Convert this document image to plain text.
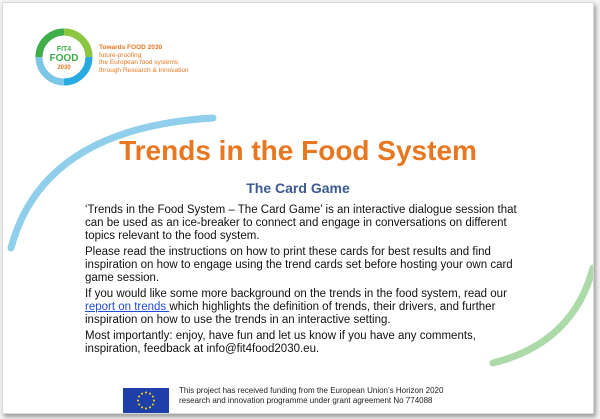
FIT4
FOOD
2030
Towards FOOD 2030
future-proofing
the European food systems
through Research & Innovation
Trends in the Food System
The Card Game

‘Trends in the Food System – The Card Game’ is an interactive dialogue session that can be used as an ice-breaker to connect and engage in conversations on different topics relevant to the food system.

Please read the instructions on how to print these cards for best results and find inspiration on how to engage using the trend cards set before hosting your own card game session.

If you would like some more background on the trends in the food system, read our report on trends which highlights the definition of trends, their drivers, and further inspiration on how to use the trends in an interactive setting.

Most importantly: enjoy, have fun and let us know if you have any comments, inspiration, feedback at info@fit4food2030.eu.

This project has received funding from the European Union’s Horizon 2020
research and innovation programme under grant agreement No 774088
